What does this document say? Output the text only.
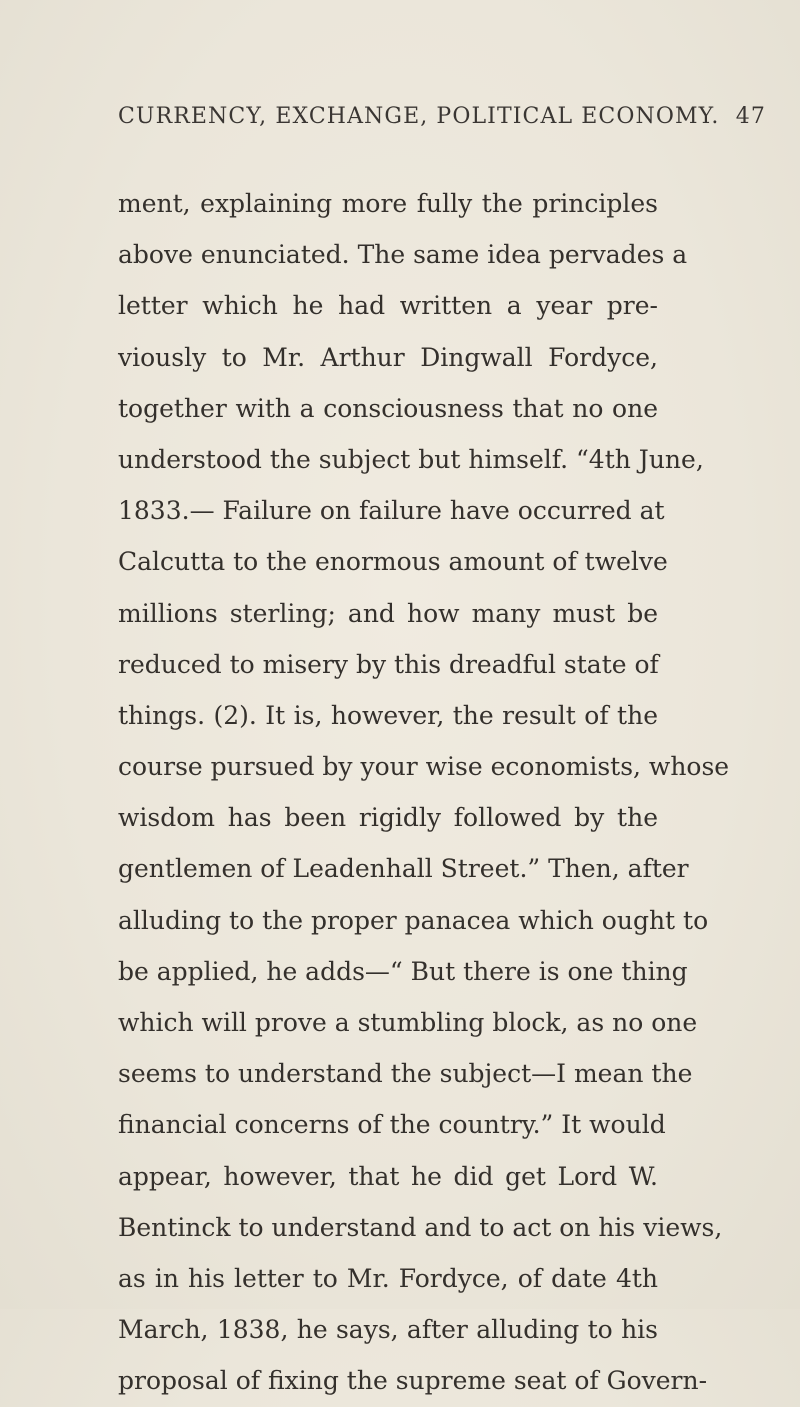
CURRENCY, EXCHANGE, POLITICAL ECONOMY. 47
ment, explaining more fully the principles
above enunciated. The same idea pervades a
letter which he had written a year pre-
viously to Mr. Arthur Dingwall Fordyce,
together with a consciousness that no one
understood the subject but himself. “4th June,
1833.— Failure on failure have occurred at
Calcutta to the enormous amount of twelve
millions sterling; and how many must be
reduced to misery by this dreadful state of
things. (2). It is, however, the result of the
course pursued by your wise economists, whose
wisdom has been rigidly followed by the
gentlemen of Leadenhall Street.” Then, after
alluding to the proper panacea which ought to
be applied, he adds—“ But there is one thing
which will prove a stumbling block, as no one
seems to understand the subject—I mean the
financial concerns of the country.” It would
appear, however, that he did get Lord W.
Bentinck to understand and to act on his views,
as in his letter to Mr. Fordyce, of date 4th
March, 1838, he says, after alluding to his
proposal of fixing the supreme seat of Govern-
